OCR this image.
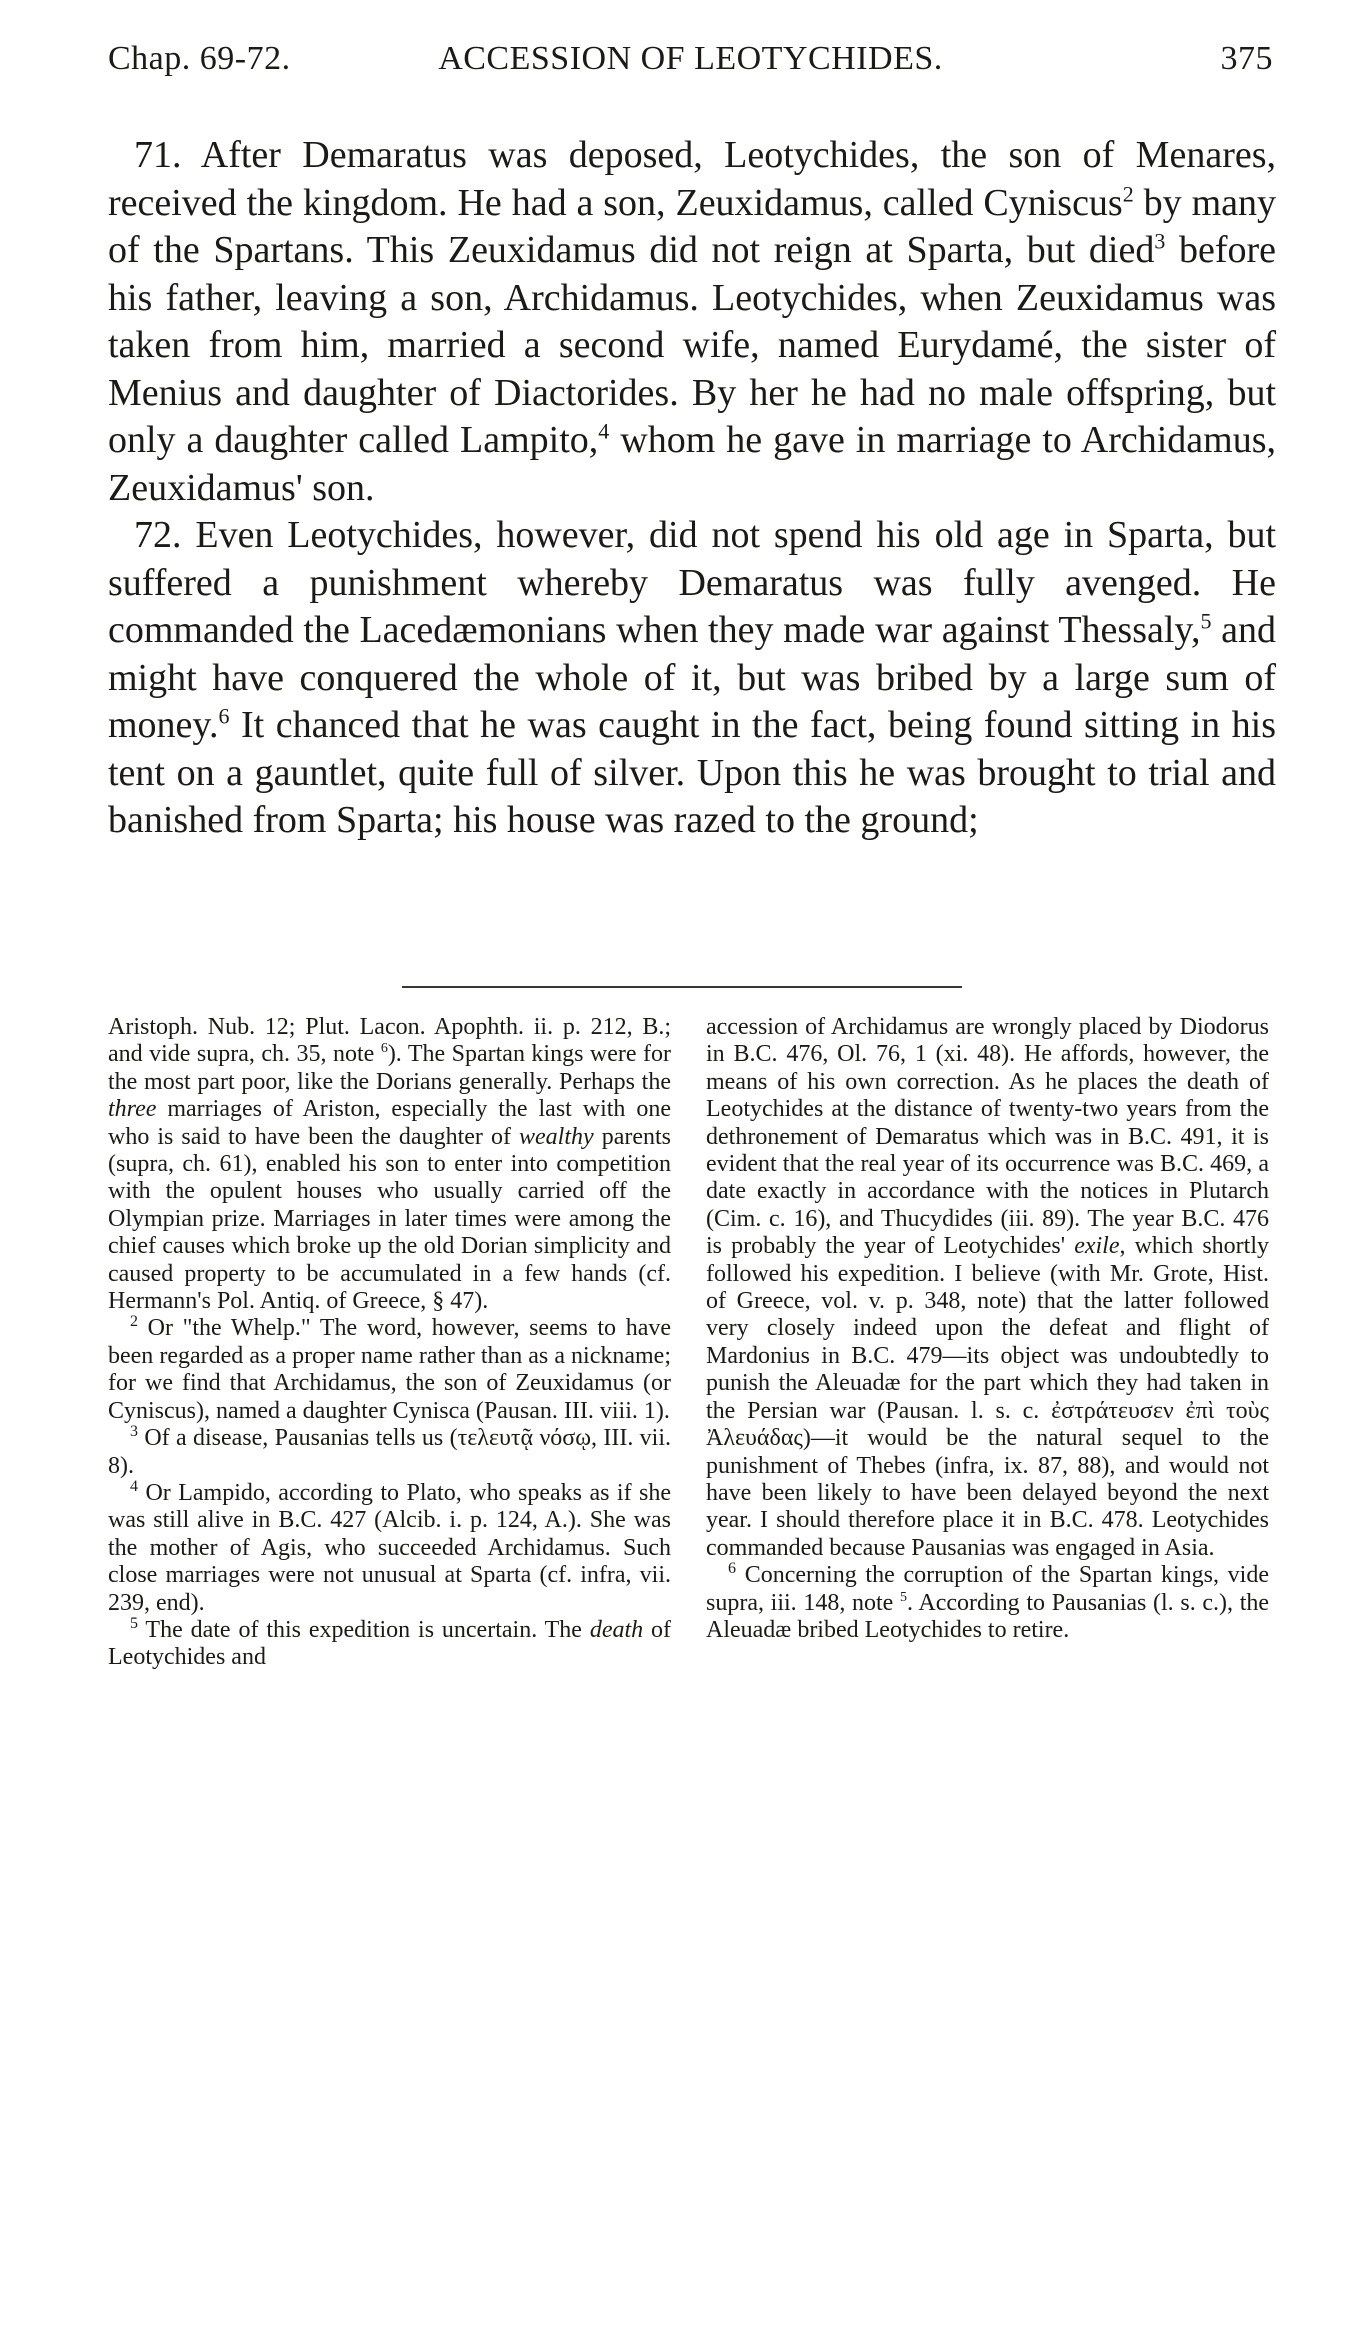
Chap. 69-72.	ACCESSION OF LEOTYCHIDES.	375

71. After Demaratus was deposed, Leotychides, the son of Menares, received the kingdom. He had a son, Zeuxidamus, called Cyniscus$^2$ by many of the Spartans. This Zeuxidamus did not reign at Sparta, but died$^3$ before his father, leaving a son, Archidamus. Leotychides, when Zeuxidamus was taken from him, married a second wife, named Eurydamé, the sister of Menius and daughter of Diactorides. By her he had no male offspring, but only a daughter called Lampito,$^4$ whom he gave in marriage to Archidamus, Zeuxidamus' son.

72. Even Leotychides, however, did not spend his old age in Sparta, but suffered a punishment whereby Demaratus was fully avenged. He commanded the Lacedæmonians when they made war against Thessaly,$^5$ and might have conquered the whole of it, but was bribed by a large sum of money.$^6$ It chanced that he was caught in the fact, being found sitting in his tent on a gauntlet, quite full of silver. Upon this he was brought to trial and banished from Sparta; his house was razed to the ground;

Aristoph. Nub. 12; Plut. Lacon. Apophth. ii. p. 212, B.; and vide supra, ch. 35, note $^6$). The Spartan kings were for the most part poor, like the Dorians generally. Perhaps the three marriages of Ariston, especially the last with one who is said to have been the daughter of wealthy parents (supra, ch. 61), enabled his son to enter into competition with the opulent houses who usually carried off the Olympian prize. Marriages in later times were among the chief causes which broke up the old Dorian simplicity and caused property to be accumulated in a few hands (cf. Hermann's Pol. Antiq. of Greece, § 47).

$^2$ Or "the Whelp." The word, however, seems to have been regarded as a proper name rather than as a nickname; for we find that Archidamus, the son of Zeuxidamus (or Cyniscus), named a daughter Cynisca (Pausan. III. viii. 1).

$^3$ Of a disease, Pausanias tells us (τελευτᾷ νόσῳ, III. vii. 8).

$^4$ Or Lampido, according to Plato, who speaks as if she was still alive in B.C. 427 (Alcib. i. p. 124, A.). She was the mother of Agis, who succeeded Archidamus. Such close marriages were not unusual at Sparta (cf. infra, vii. 239, end).

$^5$ The date of this expedition is uncertain. The death of Leotychides and

accession of Archidamus are wrongly placed by Diodorus in B.C. 476, Ol. 76, 1 (xi. 48). He affords, however, the means of his own correction. As he places the death of Leotychides at the distance of twenty-two years from the dethronement of Demaratus which was in B.C. 491, it is evident that the real year of its occurrence was B.C. 469, a date exactly in accordance with the notices in Plutarch (Cim. c. 16), and Thucydides (iii. 89). The year B.C. 476 is probably the year of Leotychides' exile, which shortly followed his expedition. I believe (with Mr. Grote, Hist. of Greece, vol. v. p. 348, note) that the latter followed very closely indeed upon the defeat and flight of Mardonius in B.C. 479—its object was undoubtedly to punish the Aleuadæ for the part which they had taken in the Persian war (Pausan. l. s. c. ἐστράτευσεν ἐπὶ τοὺς Ἀλευάδας)—it would be the natural sequel to the punishment of Thebes (infra, ix. 87, 88), and would not have been likely to have been delayed beyond the next year. I should therefore place it in B.C. 478. Leotychides commanded because Pausanias was engaged in Asia.

$^6$ Concerning the corruption of the Spartan kings, vide supra, iii. 148, note $^5$. According to Pausanias (l. s. c.), the Aleuadæ bribed Leotychides to retire.
